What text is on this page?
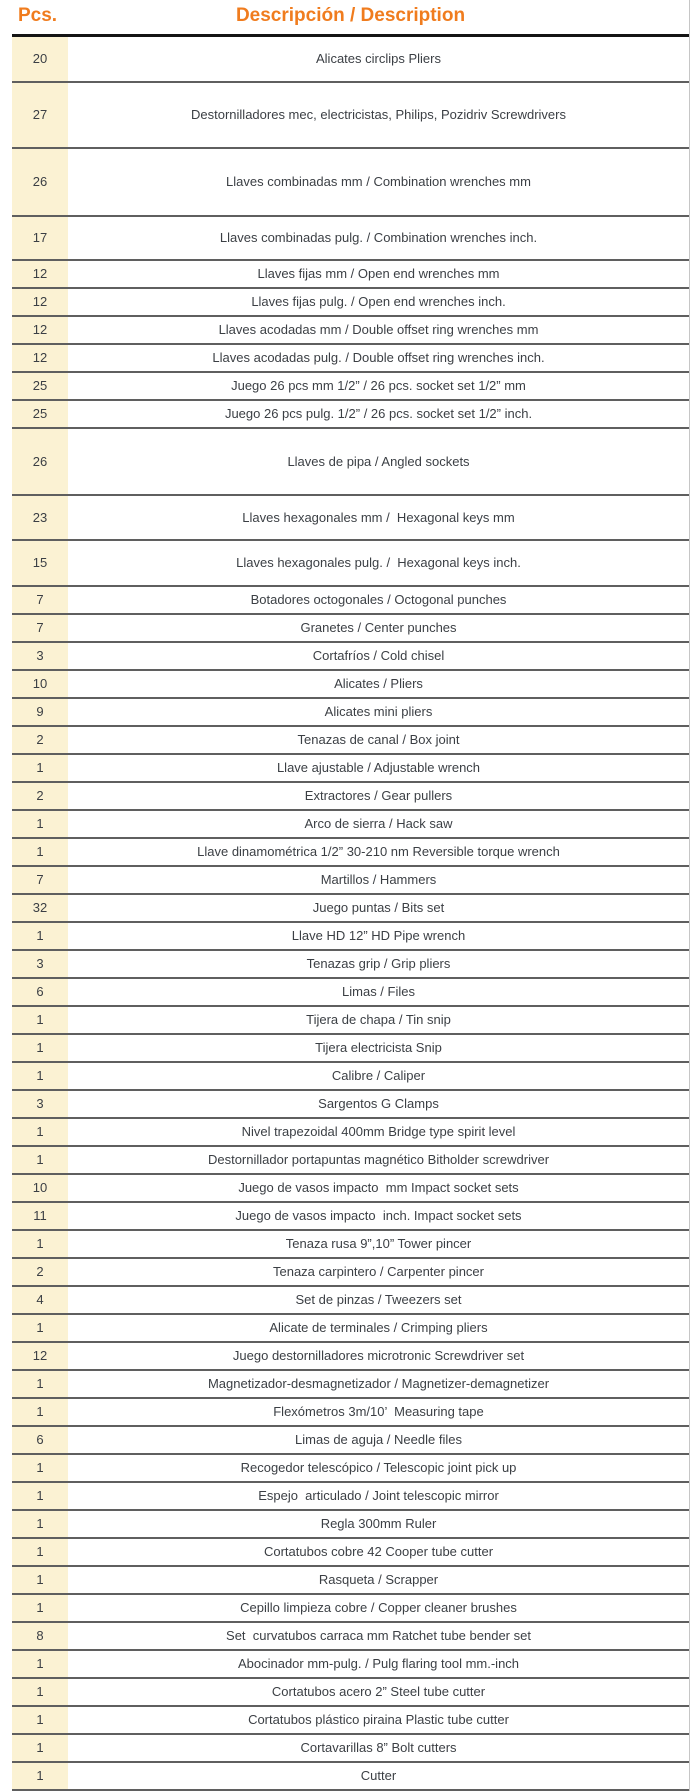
Pcs.	Descripción / Description
20	Alicates circlips Pliers
27	Destornilladores mec, electricistas, Philips, Pozidriv Screwdrivers
26	Llaves combinadas mm / Combination wrenches mm
17	Llaves combinadas pulg. / Combination wrenches inch.
12	Llaves fijas mm / Open end wrenches mm
12	Llaves fijas pulg. / Open end wrenches inch.
12	Llaves acodadas mm / Double offset ring wrenches mm
12	Llaves acodadas pulg. / Double offset ring wrenches inch.
25	Juego 26 pcs mm 1/2” / 26 pcs. socket set 1/2” mm
25	Juego 26 pcs pulg. 1/2” / 26 pcs. socket set 1/2” inch.
26	Llaves de pipa / Angled sockets
23	Llaves hexagonales mm /  Hexagonal keys mm
15	Llaves hexagonales pulg. /  Hexagonal keys inch.
7	Botadores octogonales / Octogonal punches
7	Granetes / Center punches
3	Cortafríos / Cold chisel
10	Alicates / Pliers
9	Alicates mini pliers
2	Tenazas de canal / Box joint
1	Llave ajustable / Adjustable wrench
2	Extractores / Gear pullers
1	Arco de sierra / Hack saw
1	Llave dinamométrica 1/2” 30-210 nm Reversible torque wrench
7	Martillos / Hammers
32	Juego puntas / Bits set
1	Llave HD 12” HD Pipe wrench
3	Tenazas grip / Grip pliers
6	Limas / Files
1	Tijera de chapa / Tin snip
1	Tijera electricista Snip
1	Calibre / Caliper
3	Sargentos G Clamps
1	Nivel trapezoidal 400mm Bridge type spirit level
1	Destornillador portapuntas magnético Bitholder screwdriver
10	Juego de vasos impacto  mm Impact socket sets
11	Juego de vasos impacto  inch. Impact socket sets
1	Tenaza rusa 9”,10” Tower pincer
2	Tenaza carpintero / Carpenter pincer
4	Set de pinzas / Tweezers set
1	Alicate de terminales / Crimping pliers
12	Juego destornilladores microtronic Screwdriver set
1	Magnetizador-desmagnetizador / Magnetizer-demagnetizer
1	Flexómetros 3m/10’  Measuring tape
6	Limas de aguja / Needle files
1	Recogedor telescópico / Telescopic joint pick up
1	Espejo  articulado / Joint telescopic mirror
1	Regla 300mm Ruler
1	Cortatubos cobre 42 Cooper tube cutter
1	Rasqueta / Scrapper
1	Cepillo limpieza cobre / Copper cleaner brushes
8	Set  curvatubos carraca mm Ratchet tube bender set
1	Abocinador mm-pulg. / Pulg flaring tool mm.-inch
1	Cortatubos acero 2” Steel tube cutter
1	Cortatubos plástico piraina Plastic tube cutter
1	Cortavarillas 8” Bolt cutters
1	Cutter
